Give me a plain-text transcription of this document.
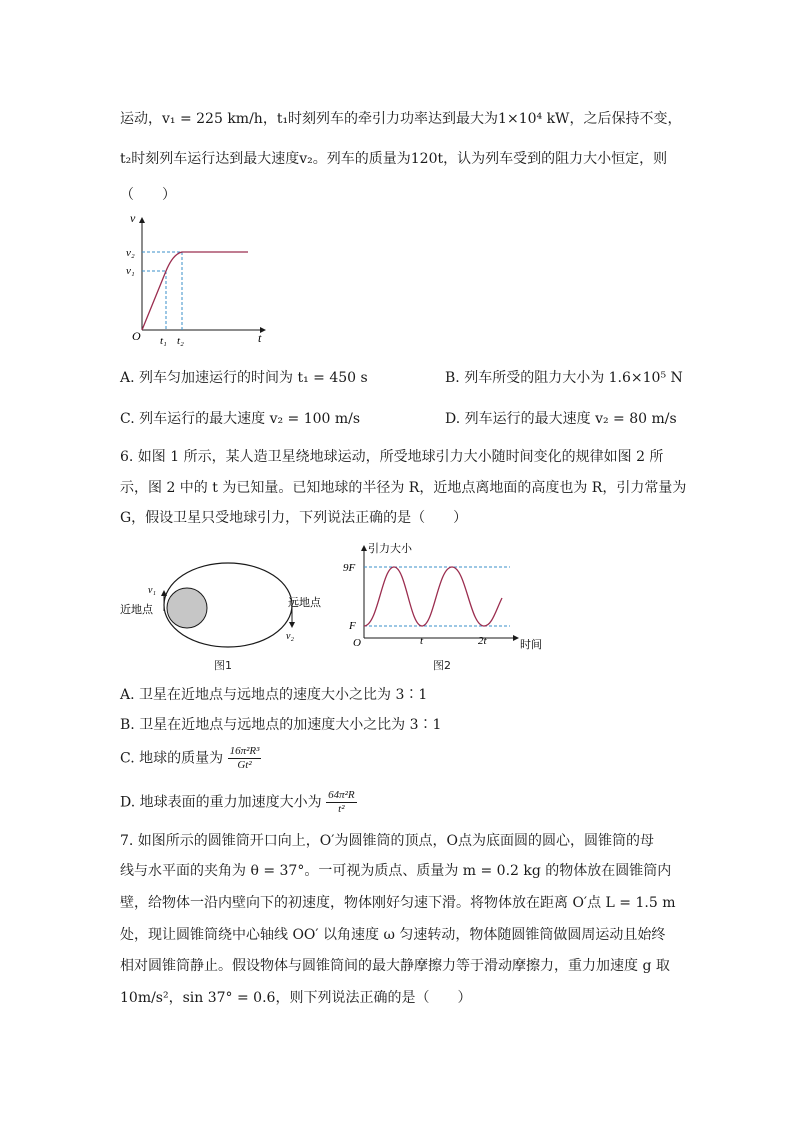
运动，v₁ = 225 km/h，t₁时刻列车的牵引力功率达到最大为1×10⁴ kW，之后保持不变，
t₂时刻列车运行达到最大速度v₂。列车的质量为120t，认为列车受到的阻力大小恒定，则
（　　）
v
t
O
v₂
v₁
t₁ t₂
A. 列车匀加速运行的时间为 t₁ = 450 s	B. 列车所受的阻力大小为 1.6×10⁵ N
C. 列车运行的最大速度 v₂ = 100 m/s	D. 列车运行的最大速度 v₂ = 80 m/s
6. 如图 1 所示，某人造卫星绕地球运动，所受地球引力大小随时间变化的规律如图 2 所
示，图 2 中的 t 为已知量。已知地球的半径为 R，近地点离地面的高度也为 R，引力常量为
G，假设卫星只受地球引力，下列说法正确的是（　　）
近地点
远地点
v₁
v₂
图1
引力大小
时间
9F
F
O	t	2t
图2
A. 卫星在近地点与远地点的速度大小之比为 3∶1
B. 卫星在近地点与远地点的加速度大小之比为 3∶1
C. 地球的质量为 $\frac{\text{16π²R³}}{\text{Gt²}}$
D. 地球表面的重力加速度大小为 $\frac{\text{64π²R}}{\text{t²}}$
7. 如图所示的圆锥筒开口向上，O′为圆锥筒的顶点，O点为底面圆的圆心，圆锥筒的母
线与水平面的夹角为 θ = 37°。一可视为质点、质量为 m = 0.2 kg 的物体放在圆锥筒内
壁，给物体一沿内壁向下的初速度，物体刚好匀速下滑。将物体放在距离 O′点 L = 1.5 m
处，现让圆锥筒绕中心轴线 OO′ 以角速度 ω 匀速转动，物体随圆锥筒做圆周运动且始终
相对圆锥筒静止。假设物体与圆锥筒间的最大静摩擦力等于滑动摩擦力，重力加速度 g 取
10m/s²，sin 37° = 0.6，则下列说法正确的是（　　）
